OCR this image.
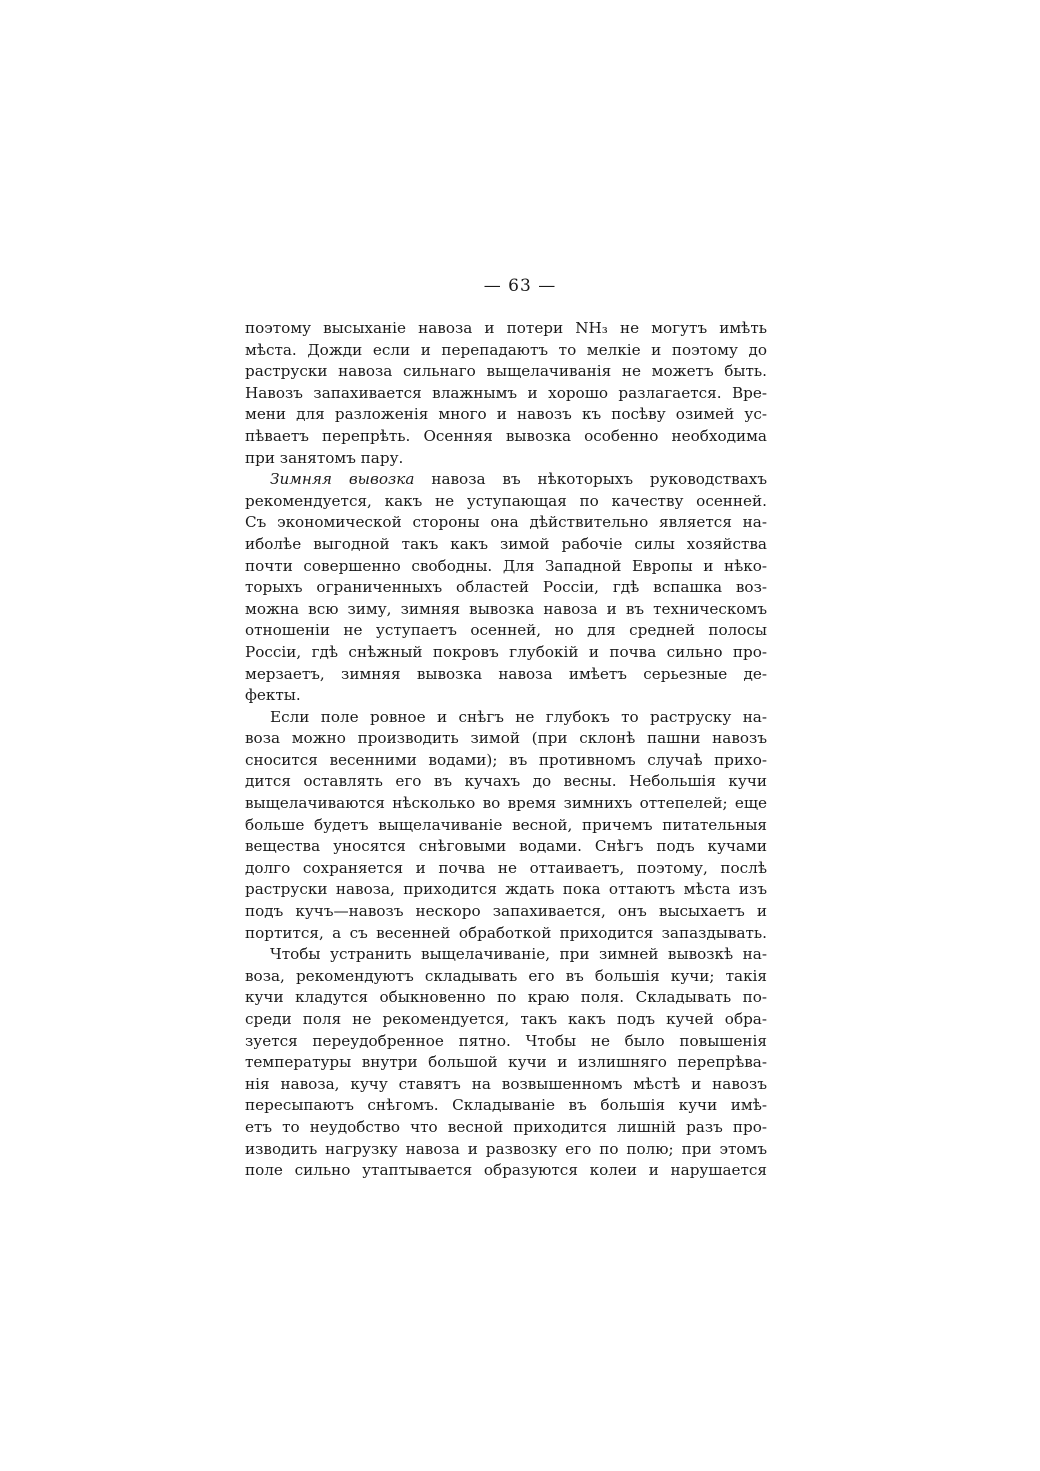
— 63 —
поэтому высыханіе навоза и потери NH₃ не могутъ имѣть
мѣста. Дожди если и перепадаютъ то мелкіе и поэтому до
раструски навоза сильнаго выщелачиванія не можетъ быть.
Навозъ запахивается влажнымъ и хорошо разлагается. Вре-
мени для разложенія много и навозъ къ посѣву озимей ус-
пѣваетъ перепрѣть. Осенняя вывозка особенно необходима
при занятомъ пару.
Зимняя вывозка навоза въ нѣкоторыхъ руководствахъ
рекомендуется, какъ не уступающая по качеству осенней.
Съ экономической стороны она дѣйствительно является на-
иболѣе выгодной такъ какъ зимой рабочіе силы хозяйства
почти совершенно свободны. Для Западной Европы и нѣко-
торыхъ ограниченныхъ областей Россіи, гдѣ вспашка воз-
можна всю зиму, зимняя вывозка навоза и въ техническомъ
отношеніи не уступаетъ осенней, но для средней полосы
Россіи, гдѣ снѣжный покровъ глубокій и почва сильно про-
мерзаетъ, зимняя вывозка навоза имѣетъ серьезные де-
фекты.
Если поле ровное и снѣгъ не глубокъ то раструску на-
воза можно производить зимой (при склонѣ пашни навозъ
сносится весенними водами); въ противномъ случаѣ прихо-
дится оставлять его въ кучахъ до весны. Небольшія кучи
выщелачиваются нѣсколько во время зимнихъ оттепелей; еще
больше будетъ выщелачиваніе весной, причемъ питательныя
вещества уносятся снѣговыми водами. Снѣгъ подъ кучами
долго сохраняется и почва не оттаиваетъ, поэтому, послѣ
раструски навоза, приходится ждать пока оттаютъ мѣста изъ
подъ кучъ—навозъ нескоро запахивается, онъ высыхаетъ и
портится, а съ весенней обработкой приходится запаздывать.
Чтобы устранить выщелачиваніе, при зимней вывозкѣ на-
воза, рекомендуютъ складывать его въ большія кучи; такія
кучи кладутся обыкновенно по краю поля. Складывать по-
среди поля не рекомендуется, такъ какъ подъ кучей обра-
зуется переудобренное пятно. Чтобы не было повышенія
температуры внутри большой кучи и излишняго перепрѣва-
нія навоза, кучу ставятъ на возвышенномъ мѣстѣ и навозъ
пересыпаютъ снѣгомъ. Складываніе въ большія кучи имѣ-
етъ то неудобство что весной приходится лишній разъ про-
изводить нагрузку навоза и развозку его по полю; при этомъ
поле сильно утаптывается образуются колеи и нарушается
